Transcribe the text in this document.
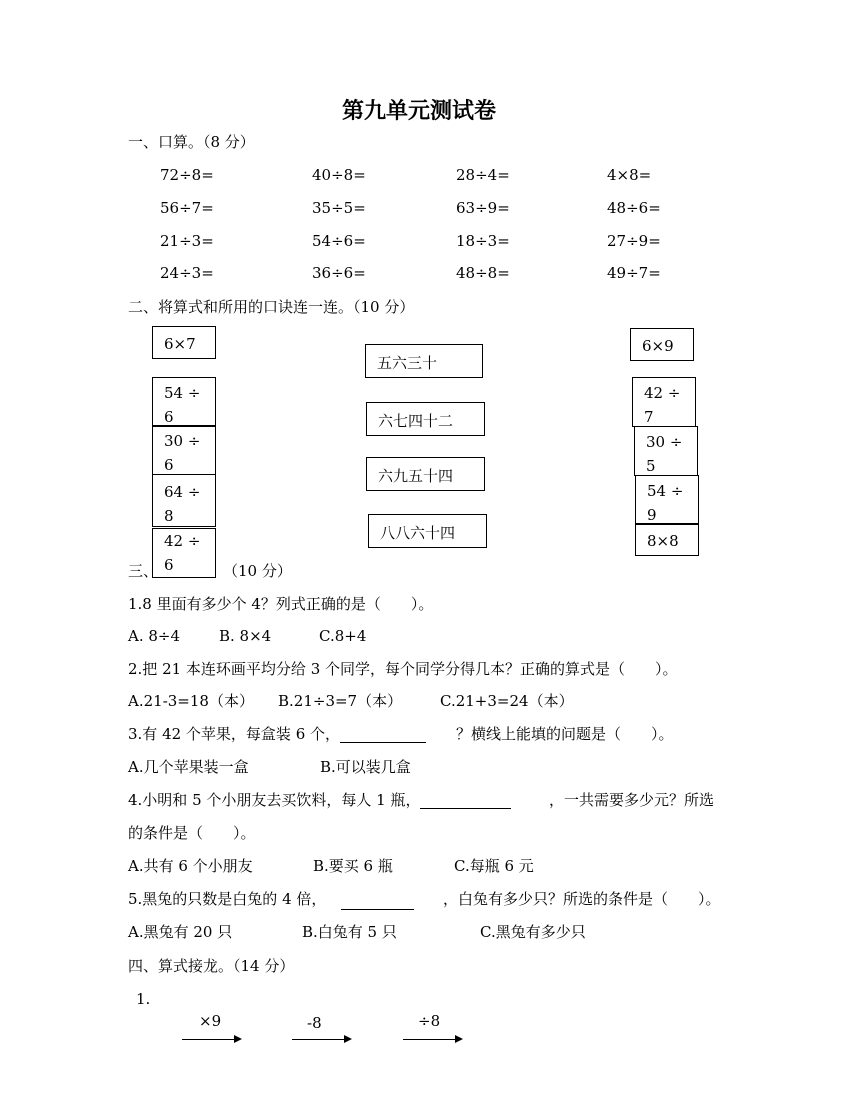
第九单元测试卷
一、口算。（8 分）
72÷8=	40÷8=	28÷4=	4×8=
56÷7=	35÷5=	63÷9=	48÷6=
21÷3=	54÷6=	18÷3=	27÷9=
24÷3=	36÷6=	48÷8=	49÷7=
二、将算式和所用的口诀连一连。（10 分）
6×7
54 ÷ 6
30 ÷ 6
64 ÷ 8
42 ÷ 6
五六三十
六七四十二
六九五十四
八八六十四
6×9
42 ÷ 7
30 ÷ 5
54 ÷ 9
8×8
三、	（10 分）
1.8 里面有多少个 4？列式正确的是（　　）。
A. 8÷4	B. 8×4	C.8+4
2.把 21 本连环画平均分给 3 个同学，每个同学分得几本？正确的算式是（　　）。
A.21-3=18（本） B.21÷3=7（本）	C.21+3=24（本）
3.有 42 个苹果，每盒装 6 个，	？横线上能填的问题是（　　）。
A.几个苹果装一盒	B.可以装几盒
4.小明和 5 个小朋友去买饮料，每人 1 瓶，	，一共需要多少元？所选
的条件是（　　）。
A.共有 6 个小朋友	B.要买 6 瓶	C.每瓶 6 元
5.黑兔的只数是白兔的 4 倍，	，白兔有多少只？所选的条件是（　　）。
A.黑兔有 20 只	B.白兔有 5 只	C.黑兔有多少只
四、算式接龙。（14 分）
1.
×9	-8	÷8
